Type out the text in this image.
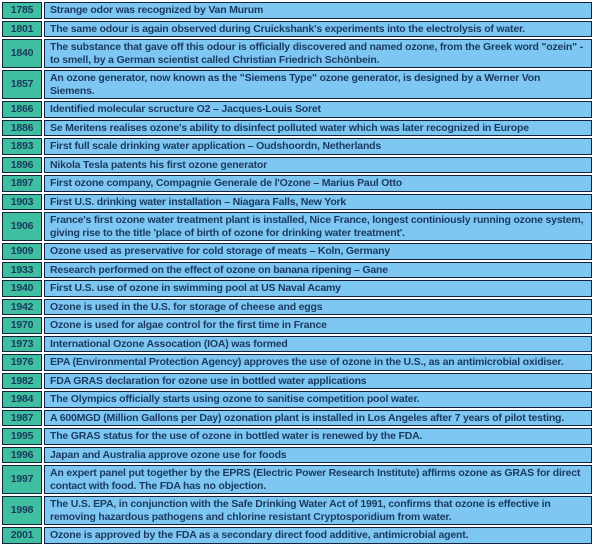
1785	Strange odor was recognized by Van Murum
1801	The same odour is again observed during Cruickshank's experiments into the electrolysis of water.
1840	The substance that gave off this odour is officially discovered and named ozone, from the Greek word "ozein" - to smell, by a German scientist called Christian Friedrich Schönbein.
1857	An ozone generator, now known as the "Siemens Type" ozone generator, is designed by a Werner Von Siemens.
1866	Identified molecular scructure O2 – Jacques-Louis Soret
1886	Se Meritens realises ozone's ability to disinfect polluted water which was later recognized in Europe
1893	First full scale drinking water application – Oudshoordn, Netherlands
1896	Nikola Tesla patents his first ozone generator
1897	First ozone company, Compagnie Generale de l'Ozone – Marius Paul Otto
1903	First U.S. drinking water installation – Niagara Falls, New York
1906	France's first ozone water treatment plant is installed, Nice France, longest continiously running ozone system, giving rise to the title 'place of birth of ozone for drinking water treatment'.
1909	Ozone used as preservative for cold storage of meats – Koln, Germany
1933	Research performed on the effect of ozone on banana ripening – Gane
1940	First U.S. use of ozone in swimming pool at US Naval Acamy
1942	Ozone is used in the U.S. for storage of cheese and eggs
1970	Ozone is used for algae control for the first time in France
1973	International Ozone Assocation (IOA) was formed
1976	EPA (Environmental Protection Agency) approves the use of ozone in the U.S., as an antimicrobial oxidiser.
1982	FDA GRAS declaration for ozone use in bottled water applications
1984	The Olympics officially starts using ozone to sanitise competition pool water.
1987	A 600MGD (Million Gallons per Day) ozonation plant is installed in Los Angeles after 7 years of pilot testing.
1995	The GRAS status for the use of ozone in bottled water is renewed by the FDA.
1996	Japan and Australia approve ozone use for foods
1997	An expert panel put together by the EPRS (Electric Power Research Institute) affirms ozone as GRAS for direct contact with food. The FDA has no objection.
1998	The U.S. EPA, in conjunction with the Safe Drinking Water Act of 1991, confirms that ozone is effective in removing hazardous pathogens and chlorine resistant Cryptosporidium from water.
2001	Ozone is approved by the FDA as a secondary direct food additive, antimicrobial agent.
